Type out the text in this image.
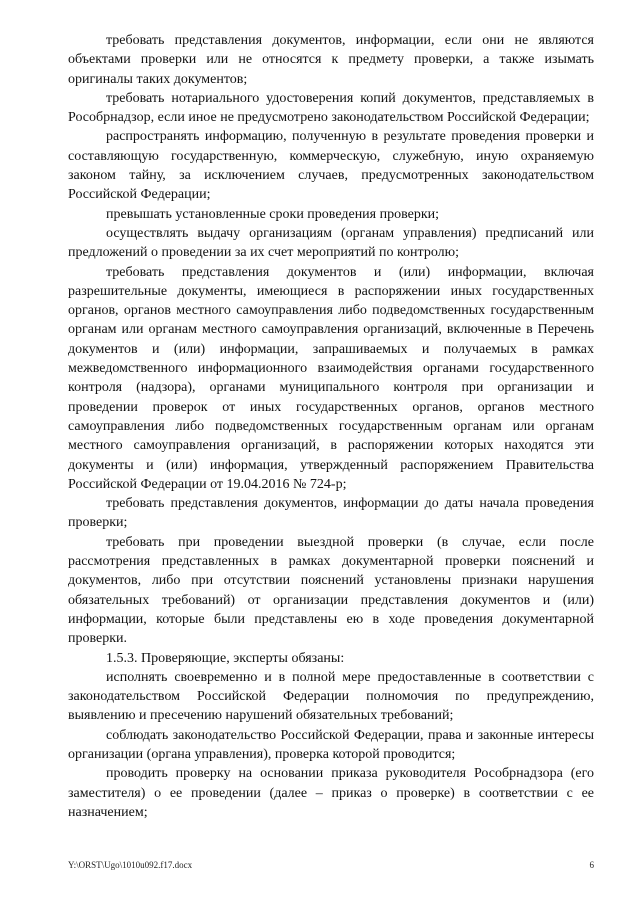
требовать представления документов, информации, если они не являются объектами проверки или не относятся к предмету проверки, а также изымать оригиналы таких документов;

требовать нотариального удостоверения копий документов, представляемых в Рособрнадзор, если иное не предусмотрено законодательством Российской Федерации;

распространять информацию, полученную в результате проведения проверки и составляющую государственную, коммерческую, служебную, иную охраняемую законом тайну, за исключением случаев, предусмотренных законодательством Российской Федерации;

превышать установленные сроки проведения проверки;

осуществлять выдачу организациям (органам управления) предписаний или предложений о проведении за их счет мероприятий по контролю;

требовать представления документов и (или) информации, включая разрешительные документы, имеющиеся в распоряжении иных государственных органов, органов местного самоуправления либо подведомственных государственным органам или органам местного самоуправления организаций, включенные в Перечень документов и (или) информации, запрашиваемых и получаемых в рамках межведомственного информационного взаимодействия органами государственного контроля (надзора), органами муниципального контроля при организации и проведении проверок от иных государственных органов, органов местного самоуправления либо подведомственных государственным органам или органам местного самоуправления организаций, в распоряжении которых находятся эти документы и (или) информация, утвержденный распоряжением Правительства Российской Федерации от 19.04.2016 № 724-р;

требовать представления документов, информации до даты начала проведения проверки;

требовать при проведении выездной проверки (в случае, если после рассмотрения представленных в рамках документарной проверки пояснений и документов, либо при отсутствии пояснений установлены признаки нарушения обязательных требований) от организации представления документов и (или) информации, которые были представлены ею в ходе проведения документарной проверки.

1.5.3. Проверяющие, эксперты обязаны:

исполнять своевременно и в полной мере предоставленные в соответствии с законодательством Российской Федерации полномочия по предупреждению, выявлению и пресечению нарушений обязательных требований;

соблюдать законодательство Российской Федерации, права и законные интересы организации (органа управления), проверка которой проводится;

проводить проверку на основании приказа руководителя Рособрнадзора (его заместителя) о ее проведении (далее – приказ о проверке) в соответствии с ее назначением;

Y:\ORST\Ugo\1010u092.f17.docx	6
